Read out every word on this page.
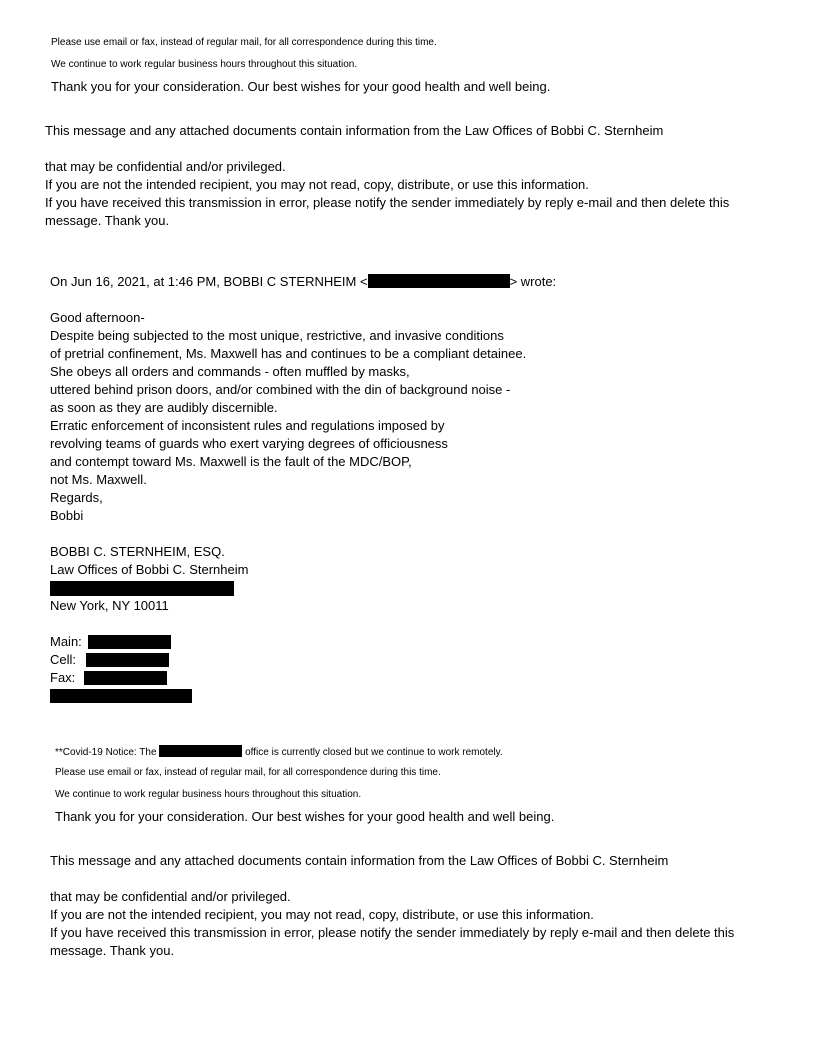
Please use email or fax, instead of regular mail, for all correspondence during this time.
We continue to work regular business hours throughout this situation.
Thank you for your consideration. Our best wishes for your good health and well being.
This message and any attached documents contain information from the Law Offices of Bobbi C. Sternheim
that may be confidential and/or privileged.
If you are not the intended recipient, you may not read, copy, distribute, or use this information.
If you have received this transmission in error, please notify the sender immediately by reply e-mail and then delete this
message. Thank you.
On Jun 16, 2021, at 1:46 PM, BOBBI C STERNHEIM <	> wrote:
Good afternoon-
Despite being subjected to the most unique, restrictive, and invasive conditions
of pretrial confinement, Ms. Maxwell has and continues to be a compliant detainee.
She obeys all orders and commands - often muffled by masks,
uttered behind prison doors, and/or combined with the din of background noise -
as soon as they are audibly discernible.
Erratic enforcement of inconsistent rules and regulations imposed by
revolving teams of guards who exert varying degrees of officiousness
and contempt toward Ms. Maxwell is the fault of the MDC/BOP,
not Ms. Maxwell.
Regards,
Bobbi
BOBBI C. STERNHEIM, ESQ.
Law Offices of Bobbi C. Sternheim
New York, NY 10011
Main:
Cell:
Fax:
**Covid-19 Notice: The	office is currently closed but we continue to work remotely.
Please use email or fax, instead of regular mail, for all correspondence during this time.
We continue to work regular business hours throughout this situation.
Thank you for your consideration. Our best wishes for your good health and well being.
This message and any attached documents contain information from the Law Offices of Bobbi C. Sternheim
that may be confidential and/or privileged.
If you are not the intended recipient, you may not read, copy, distribute, or use this information.
If you have received this transmission in error, please notify the sender immediately by reply e-mail and then delete this
message. Thank you.
